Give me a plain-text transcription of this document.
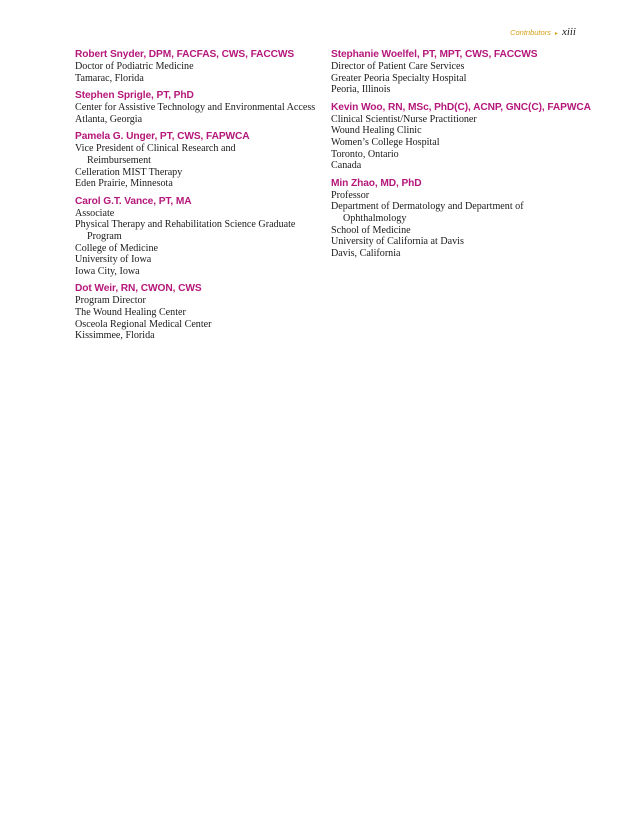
Contributors ▸ xiii
Robert Snyder, DPM, FACFAS, CWS, FACCWS
Doctor of Podiatric Medicine
Tamarac, Florida
Stephen Sprigle, PT, PhD
Center for Assistive Technology and Environmental Access
Atlanta, Georgia
Pamela G. Unger, PT, CWS, FAPWCA
Vice President of Clinical Research and
Reimbursement
Celleration MIST Therapy
Eden Prairie, Minnesota
Carol G.T. Vance, PT, MA
Associate
Physical Therapy and Rehabilitation Science Graduate
Program
College of Medicine
University of Iowa
Iowa City, Iowa
Dot Weir, RN, CWON, CWS
Program Director
The Wound Healing Center
Osceola Regional Medical Center
Kissimmee, Florida
Stephanie Woelfel, PT, MPT, CWS, FACCWS
Director of Patient Care Services
Greater Peoria Specialty Hospital
Peoria, Illinois
Kevin Woo, RN, MSc, PhD(C), ACNP, GNC(C), FAPWCA
Clinical Scientist/Nurse Practitioner
Wound Healing Clinic
Women’s College Hospital
Toronto, Ontario
Canada
Min Zhao, MD, PhD
Professor
Department of Dermatology and Department of
Ophthalmology
School of Medicine
University of California at Davis
Davis, California
